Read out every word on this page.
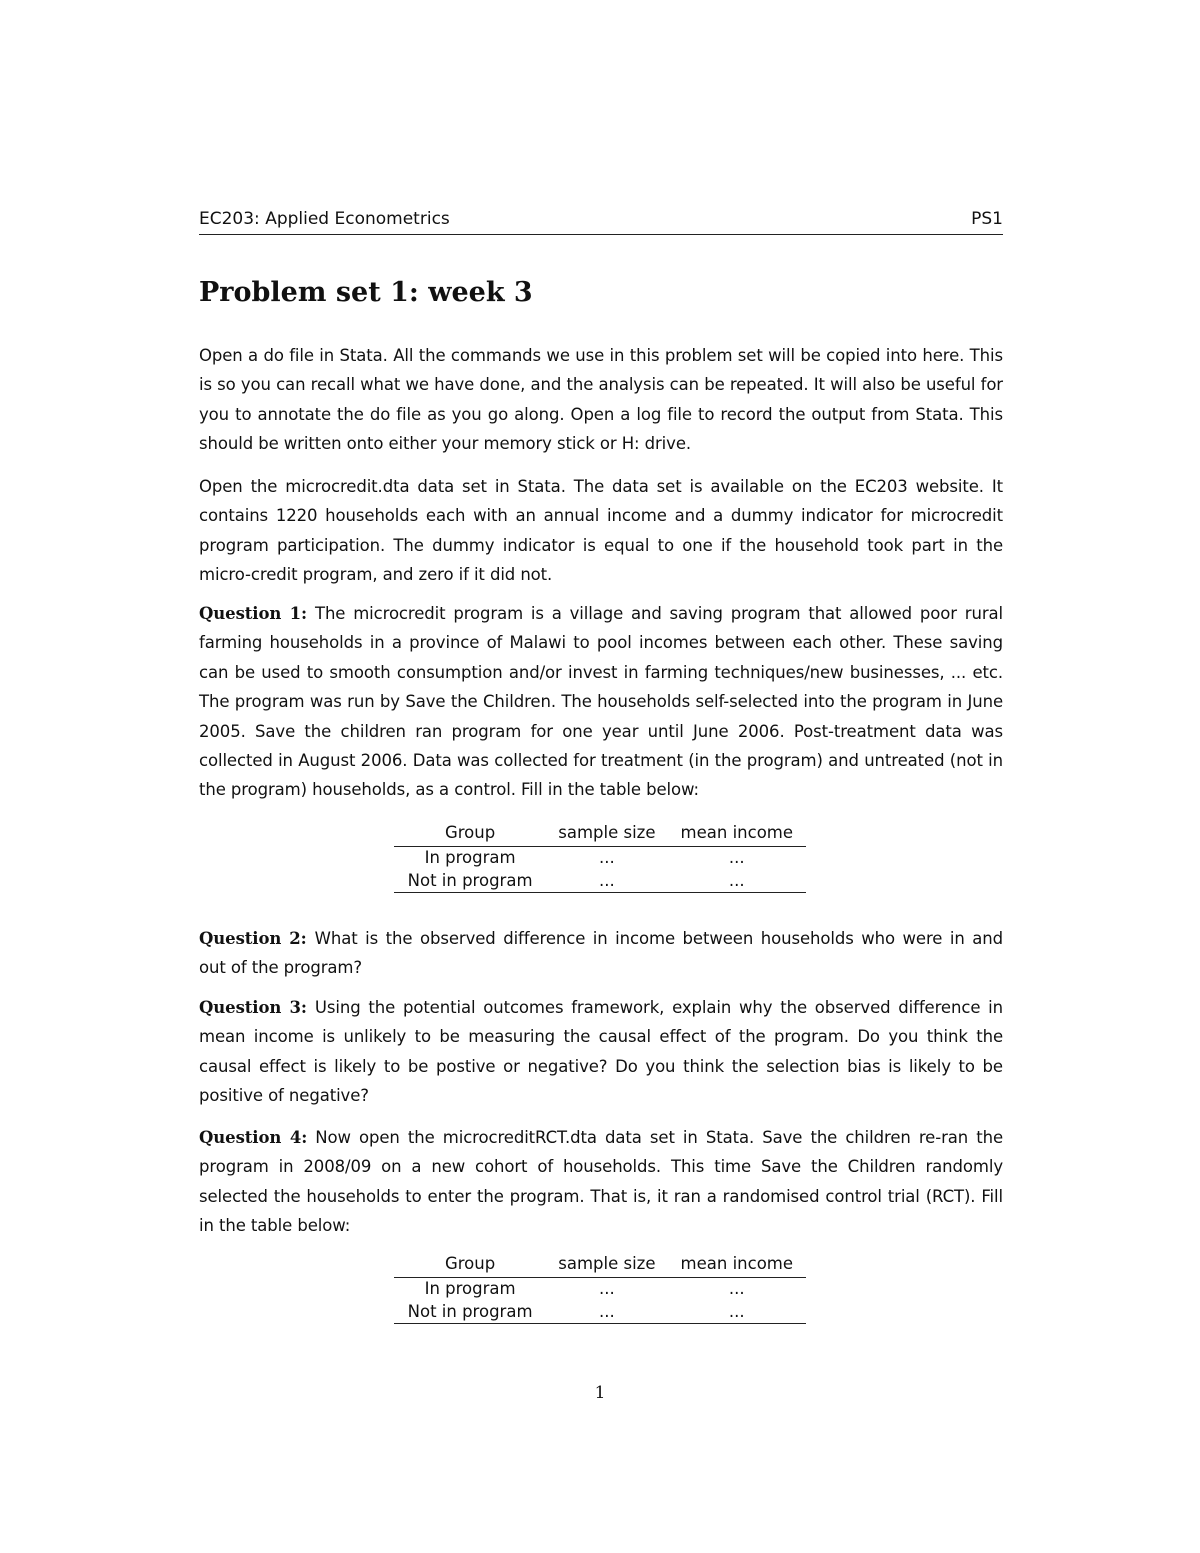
EC203: Applied Econometrics	PS1
Problem set 1: week 3

Open a do file in Stata. All the commands we use in this problem set will be copied into here. This is so you can recall what we have done, and the analysis can be repeated. It will also be useful for you to annotate the do file as you go along. Open a log file to record the output from Stata. This should be written onto either your memory stick or H: drive.

Open the microcredit.dta data set in Stata. The data set is available on the EC203 website. It contains 1220 households each with an annual income and a dummy indicator for microcredit program participation. The dummy indicator is equal to one if the household took part in the micro-credit program, and zero if it did not.

Question 1: The microcredit program is a village and saving program that allowed poor rural farming households in a province of Malawi to pool incomes between each other. These saving can be used to smooth consumption and/or invest in farming techniques/new businesses, ... etc. The program was run by Save the Children. The households self-selected into the program in June 2005. Save the children ran program for one year until June 2006. Post-treatment data was collected in August 2006. Data was collected for treatment (in the program) and untreated (not in the program) households, as a control. Fill in the table below:

Group	sample size	mean income
In program	...	...
Not in program	...	...

Question 2: What is the observed difference in income between households who were in and out of the program?

Question 3: Using the potential outcomes framework, explain why the observed difference in mean income is unlikely to be measuring the causal effect of the program. Do you think the causal effect is likely to be postive or negative? Do you think the selection bias is likely to be positive of negative?

Question 4: Now open the microcreditRCT.dta data set in Stata. Save the children re-ran the program in 2008/09 on a new cohort of households. This time Save the Children randomly selected the households to enter the program. That is, it ran a randomised control trial (RCT). Fill in the table below:

Group	sample size	mean income
In program	...	...
Not in program	...	...
1
